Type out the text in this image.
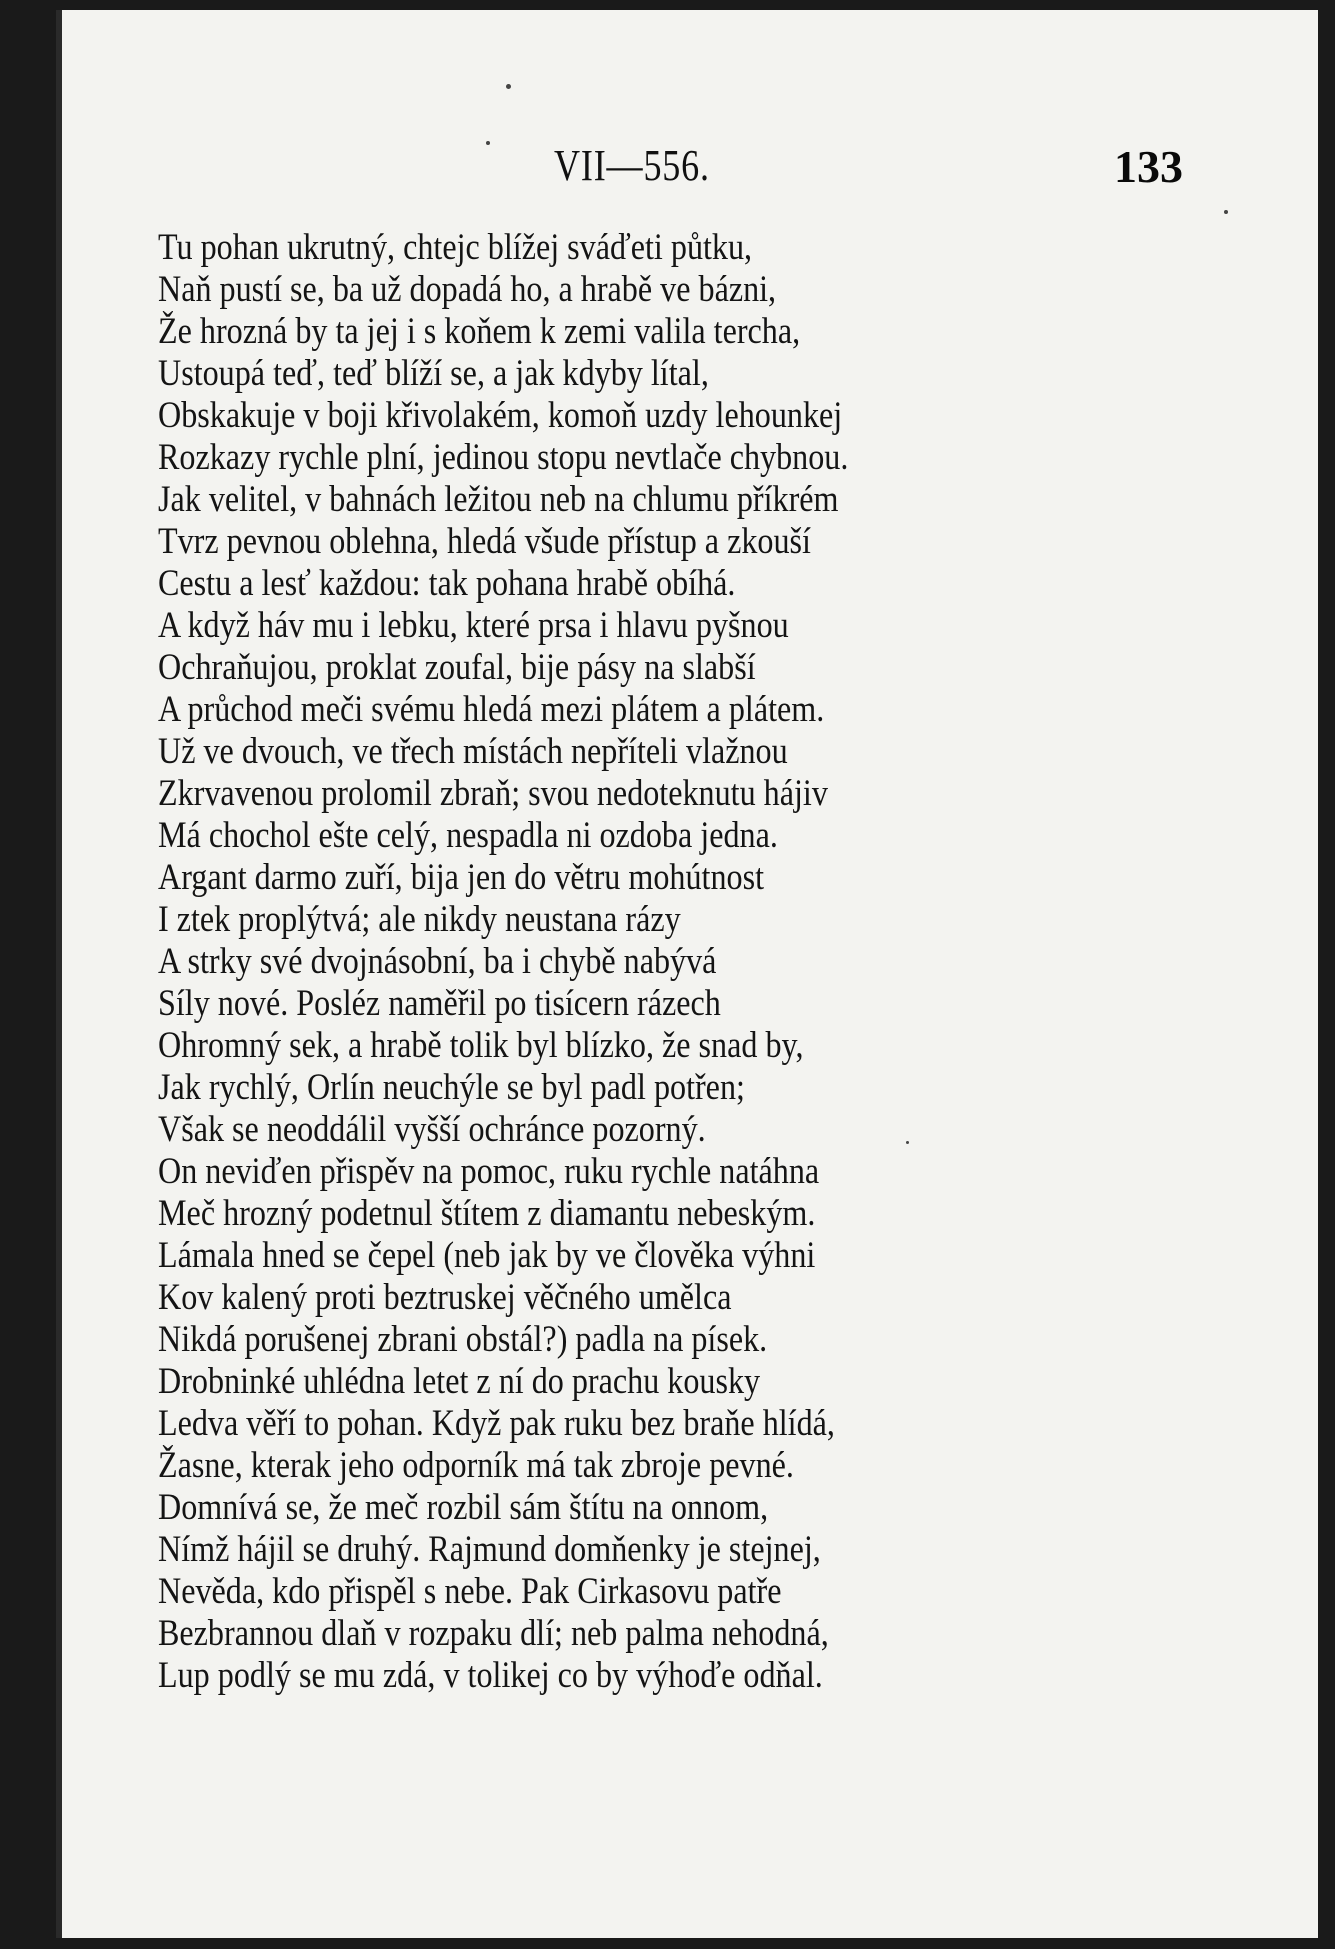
VII—556.	133
Tu pohan ukrutný, chtejc blížej sváďeti půtku,
Naň pustí se, ba už dopadá ho, a hrabě ve bázni,
Že hrozná by ta jej i s koňem k zemi valila tercha,
Ustoupá teď, teď blíží se, a jak kdyby lítal,
Obskakuje v boji křivolakém, komoň uzdy lehounkej
Rozkazy rychle plní, jedinou stopu nevtlače chybnou.
Jak velitel, v bahnách ležitou neb na chlumu příkrém
Tvrz pevnou oblehna, hledá všude přístup a zkouší
Cestu a lesť každou: tak pohana hrabě obíhá.
A když háv mu i lebku, které prsa i hlavu pyšnou
Ochraňujou, proklat zoufal, bije pásy na slabší
A průchod meči svému hledá mezi plátem a plátem.
Už ve dvouch, ve třech místách nepříteli vlažnou
Zkrvavenou prolomil zbraň; svou nedoteknutu hájiv
Má chochol ešte celý, nespadla ni ozdoba jedna.
Argant darmo zuří, bija jen do větru mohútnost
I ztek proplýtvá; ale nikdy neustana rázy
A strky své dvojnásobní, ba i chybě nabývá
Síly nové. Posléz naměřil po tisícern rázech
Ohromný sek, a hrabě tolik byl blízko, že snad by,
Jak rychlý, Orlín neuchýle se byl padl potřen;
Však se neoddálil vyšší ochránce pozorný.
On neviďen přispěv na pomoc, ruku rychle natáhna
Meč hrozný podetnul štítem z diamantu nebeským.
Lámala hned se čepel (neb jak by ve člověka výhni
Kov kalený proti beztruskej věčného umělca
Nikdá porušenej zbrani obstál?) padla na písek.
Drobninké uhlédna letet z ní do prachu kousky
Ledva věří to pohan. Když pak ruku bez braňe hlídá,
Žasne, kterak jeho odporník má tak zbroje pevné.
Domnívá se, že meč rozbil sám štítu na onnom,
Nímž hájil se druhý. Rajmund domňenky je stejnej,
Nevěda, kdo přispěl s nebe. Pak Cirkasovu patře
Bezbrannou dlaň v rozpaku dlí; neb palma nehodná,
Lup podlý se mu zdá, v tolikej co by výhoďe odňal.
